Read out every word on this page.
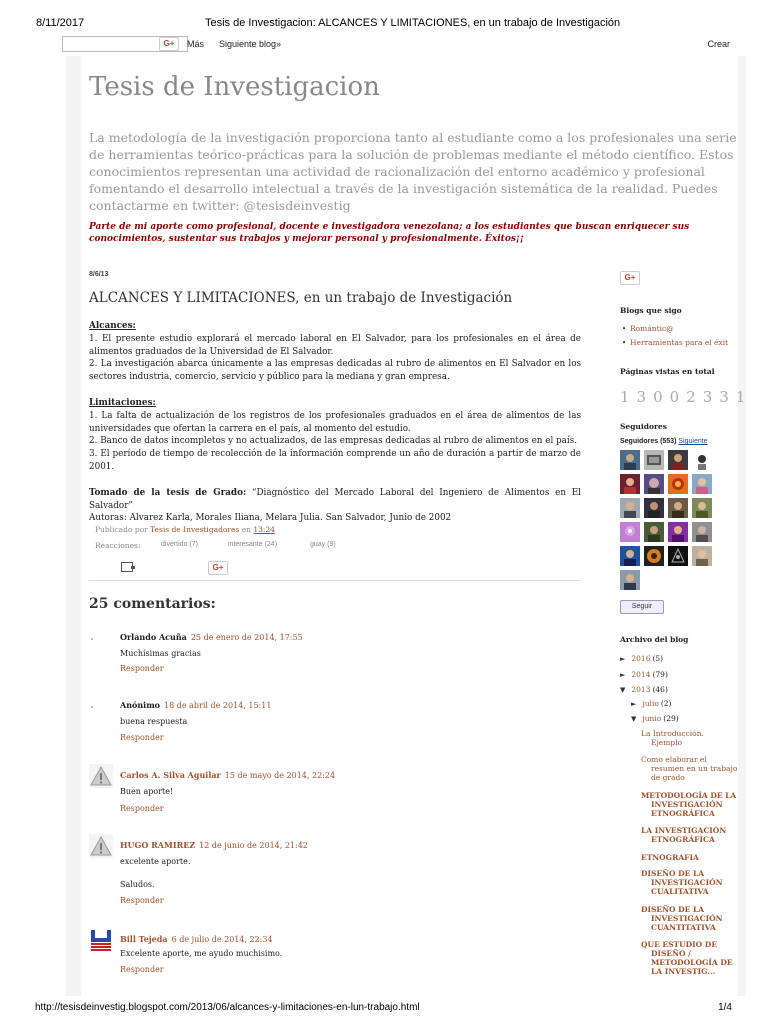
8/11/2017	Tesis de Investigacion: ALCANCES Y LIMITACIONES, en un trabajo de Investigación
G+	Más Siguiente blog»	Crear
Tesis de Investigacion

La metodología de la investigación proporciona tanto al estudiante como a los profesionales una serie de herramientas teórico-prácticas para la solución de problemas mediante el método científico. Estos conocimientos representan una actividad de racionalización del entorno académico y profesional fomentando el desarrollo intelectual a través de la investigación sistemática de la realidad. Puedes contactarme en twitter: @tesisdeinvestig

Parte de mi aporte como profesional, docente e investigadora venezolana; a los estudiantes que buscan enriquecer sus conocimientos, sustentar sus trabajos y mejorar personal y profesionalmente. Éxitos¡¡

8/6/13
ALCANCES Y LIMITACIONES, en un trabajo de Investigación
Alcances:
1. El presente estudio explorará el mercado laboral en El Salvador, para los profesionales en el área de alimentos graduados de la Universidad de El Salvador.
2. La investigación abarca únicamente a las empresas dedicadas al rubro de alimentos en El Salvador en los sectores industria, comercio, servicio y público para la mediana y gran empresa.
Limitaciones:
1. La falta de actualización de los registros de los profesionales graduados en el área de alimentos de las universidades que ofertan la carrera en el país, al momento del estudio.
2. Banco de datos incompletos y no actualizados, de las empresas dedicadas al rubro de alimentos en el país.
3. El período de tiempo de recolección de la información comprende un año de duración a partir de marzo de 2001.
Tomado de la tesis de Grado: “Diagnóstico del Mercado Laboral del Ingeniero de Alimentos en El Salvador”
Autoras: Alvarez Karla, Morales Iliana, Melara Julia. San Salvador, Junio de 2002
Publicado por Tesis de Investigadores en 13:24
Reacciones:	divertido (7)	interesante (24)	guay (9)
G+
25 comentarios:
Orlando Acuña 25 de enero de 2014, 17:55
Muchísimas gracias
Responder
Anónimo 18 de abril de 2014, 15:11
buena respuesta
Responder
Carlos A. Silva Aguilar 15 de mayo de 2014, 22:24
Buen aporte!
Responder
HUGO RAMIREZ 12 de junio de 2014, 21:42
excelente aporte.
Saludos.
Responder
Bill Tejeda 6 de julio de 2014, 22:34
Excelente aporte, me ayudo muchisimo.
Responder
G+
Blogs que sigo
• Romántic@
• Herramientas para el éxit
Páginas vistas en total
13002331
Seguidores
Seguidores (553) Siguiente
Seguir
Archivo del blog
► 2016 (5)
► 2014 (79)
▼ 2013 (46)
► julio (2)
▼ junio (29)
La Introducción.
Ejemplo
Como elaborar el
resumen en un trabajo de grado
METODOLOGÍA DE LA
INVESTIGACIÓN ETNOGRÁFICA
LA INVESTIGACIÓN
ETNOGRÁFICA
ETNOGRAFIA
DISEÑO DE LA
INVESTIGACIÓN CUALITATIVA
DISEÑO DE LA
INVESTIGACIÓN CUANTITATIVA
QUE ESTUDIO DE
DISEÑO / METODOLOGÍA DE LA INVESTIG...
http://tesisdeinvestig.blogspot.com/2013/06/alcances-y-limitaciones-en-lun-trabajo.html	1/4
